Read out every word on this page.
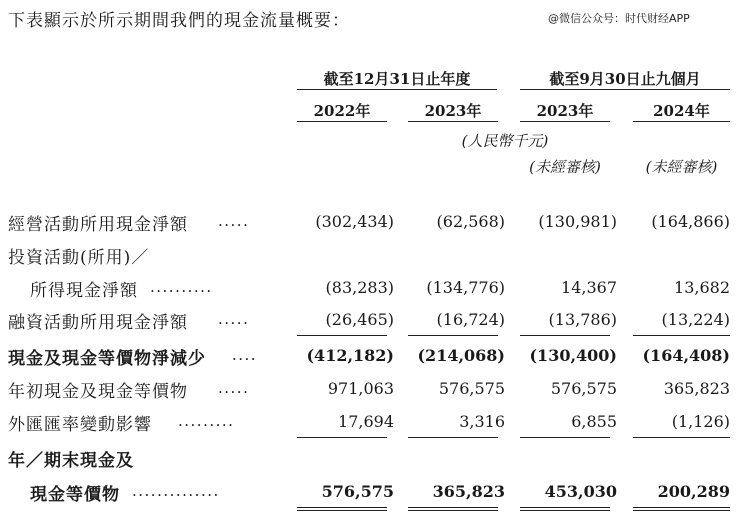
下表顯示於所示期間我們的現金流量概要：	@微信公众号：时代财经APP
截至12月31日止年度	截至9月30日止九個月
2022年	2023年	2023年	2024年
(人民幣千元)
(未經審核)	(未經審核)
經營活動所用現金淨額 .....	(302,434)	(62,568)	(130,981)	(164,866)
投資活動(所用)／
所得現金淨額 ..........	(83,283)	(134,776)	14,367	13,682
融資活動所用現金淨額 .....	(26,465)	(16,724)	(13,786)	(13,224)
現金及現金等價物淨減少 ....	(412,182)	(214,068)	(130,400)	(164,408)
年初現金及現金等價物 .....	971,063	576,575	576,575	365,823
外匯匯率變動影響 .........	17,694	3,316	6,855	(1,126)
年／期末現金及
現金等價物 ..............	576,575	365,823	453,030	200,289
